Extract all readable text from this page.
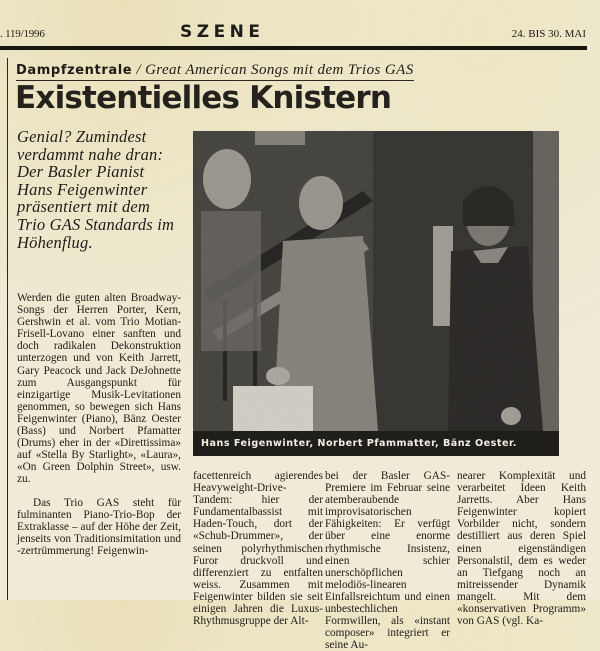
. 119/1996	SZENE	24. BIS 30. MAI
Dampfzentrale / Great American Songs mit dem Trios GAS
Existentielles Knistern
Genial? Zumindest verdammt nahe dran: Der Basler Pianist Hans Feigenwinter präsentiert mit dem Trio GAS Standards im Höhenflug.

Werden die guten alten Broadway-Songs der Herren Porter, Kern, Gershwin et al. vom Trio Motian-Frisell-Lovano einer sanften und doch radikalen Dekonstruktion unterzogen und von Keith Jarrett, Gary Peacock und Jack DeJohnette zum Ausgangspunkt für einzigartige Musik-Levitationen genommen, so bewegen sich Hans Feigenwinter (Piano), Bänz Oester (Bass) und Norbert Pfamatter (Drums) eher in der «Direttissima» auf «Stella By Starlight», «Laura», «On Green Dolphin Street», usw. zu.

Das Trio GAS steht für fulminanten Piano-Trio-Bop der Extraklasse – auf der Höhe der Zeit, jenseits von Traditionsimitation und -zertrümmerung! Feigenwin-

Hans Feigenwinter, Norbert Pfammatter, Bänz Oester.

facettenreich agierendes Heavyweight-Drive-Tandem: hier der Fundamentalbassist mit Haden-Touch, dort der «Schub-Drummer», der seinen polyrhythmischen Furor druckvoll und differenziert zu entfalten weiss. Zusammen mit Feigenwinter bilden sie seit einigen Jahren die Luxus-Rhythmusgruppe der Alt-

bei der Basler GAS-Premiere im Februar seine atemberaubende improvisatorischen Fähigkeiten: Er verfügt über eine enorme rhythmische Insistenz, einen schier unerschöpflichen melodiös-linearen Einfallsreichtum und einen unbestechlichen Formwillen, als «instant composer» integriert er seine Au-

nearer Komplexität und verarbeitet Ideen Keith Jarretts. Aber Hans Feigenwinter kopiert Vorbilder nicht, sondern destilliert aus deren Spiel einen eigenständigen Personalstil, dem es weder an Tiefgang noch an mitreissender Dynamik mangelt. Mit dem «konservativen Programm» von GAS (vgl. Ka-
